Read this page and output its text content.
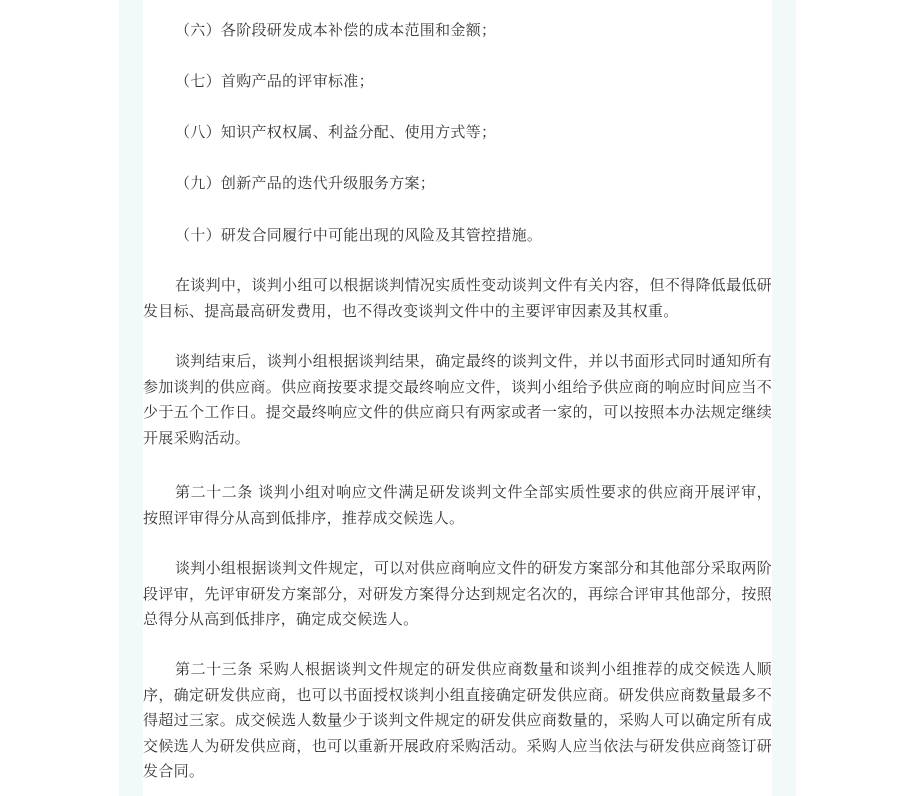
（六）各阶段研发成本补偿的成本范围和金额；

（七）首购产品的评审标准；

（八）知识产权权属、利益分配、使用方式等；

（九）创新产品的迭代升级服务方案；

（十）研发合同履行中可能出现的风险及其管控措施。

在谈判中，谈判小组可以根据谈判情况实质性变动谈判文件有关内容，但不得降低最低研发目标、提高最高研发费用，也不得改变谈判文件中的主要评审因素及其权重。

谈判结束后，谈判小组根据谈判结果，确定最终的谈判文件，并以书面形式同时通知所有参加谈判的供应商。供应商按要求提交最终响应文件，谈判小组给予供应商的响应时间应当不少于五个工作日。提交最终响应文件的供应商只有两家或者一家的，可以按照本办法规定继续开展采购活动。

第二十二条 谈判小组对响应文件满足研发谈判文件全部实质性要求的供应商开展评审，按照评审得分从高到低排序，推荐成交候选人。

谈判小组根据谈判文件规定，可以对供应商响应文件的研发方案部分和其他部分采取两阶段评审，先评审研发方案部分，对研发方案得分达到规定名次的，再综合评审其他部分，按照总得分从高到低排序，确定成交候选人。

第二十三条 采购人根据谈判文件规定的研发供应商数量和谈判小组推荐的成交候选人顺序，确定研发供应商，也可以书面授权谈判小组直接确定研发供应商。研发供应商数量最多不得超过三家。成交候选人数量少于谈判文件规定的研发供应商数量的，采购人可以确定所有成交候选人为研发供应商，也可以重新开展政府采购活动。采购人应当依法与研发供应商签订研发合同。
